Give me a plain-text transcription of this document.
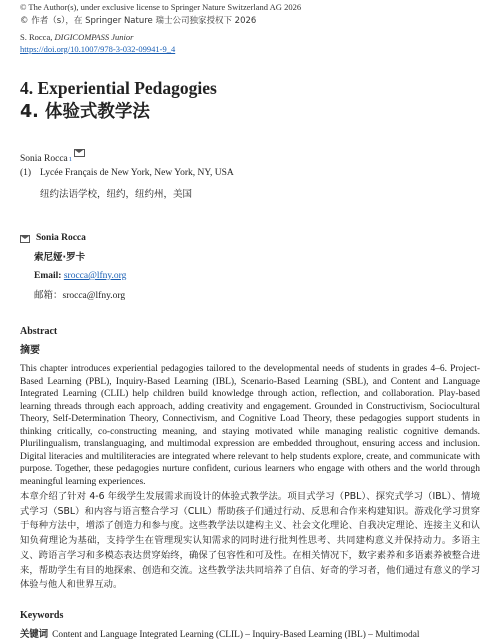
© The Author(s), under exclusive license to Springer Nature Switzerland AG 2026
© 作者（s），在 Springer Nature 瑞士公司独家授权下 2026
S. Rocca, DIGICOMPASS Junior
https://doi.org/10.1007/978-3-032-09941-9_4
4. Experiential Pedagogies
4. 体验式教学法
Sonia Rocca 1
(1) Lycée Français de New York, New York, NY, USA
纽约法语学校，纽约，纽约州，美国
Sonia Rocca
索尼娅·罗卡
Email: srocca@lfny.org
邮箱：srocca@lfny.org
Abstract
摘要
This chapter introduces experiential pedagogies tailored to the developmental needs of students in grades 4–6. Project-Based Learning (PBL), Inquiry-Based Learning (IBL), Scenario-Based Learning (SBL), and Content and Language Integrated Learning (CLIL) help children build knowledge through action, reflection, and collaboration. Play-based learning threads through each approach, adding creativity and engagement. Grounded in Constructivism, Sociocultural Theory, Self-Determination Theory, Connectivism, and Cognitive Load Theory, these pedagogies support students in thinking critically, co-constructing meaning, and staying motivated while managing realistic cognitive demands. Plurilingualism, translanguaging, and multimodal expression are embedded throughout, ensuring access and inclusion. Digital literacies and multiliteracies are integrated where relevant to help students explore, create, and communicate with purpose. Together, these pedagogies nurture confident, curious learners who engage with others and the world through meaningful learning experiences.
本章介绍了针对 4-6 年级学生发展需求而设计的体验式教学法。项目式学习（PBL）、探究式学习（IBL）、情境式学习（SBL）和内容与语言整合学习（CLIL）帮助孩子们通过行动、反思和合作来构建知识。游戏化学习贯穿于每种方法中，增添了创造力和参与度。这些教学法以建构主义、社会文化理论、自我决定理论、连接主义和认知负荷理论为基础，支持学生在管理现实认知需求的同时进行批判性思考、共同建构意义并保持动力。多语主义、跨语言学习和多模态表达贯穿始终，确保了包容性和可及性。在相关情况下，数字素养和多语素养被整合进来，帮助学生有目的地探索、创造和交流。这些教学法共同培养了自信、好奇的学习者，他们通过有意义的学习体验与他人和世界互动。
Keywords
关键词 Content and Language Integrated Learning (CLIL) – Inquiry-Based Learning (IBL) – Multimodal
